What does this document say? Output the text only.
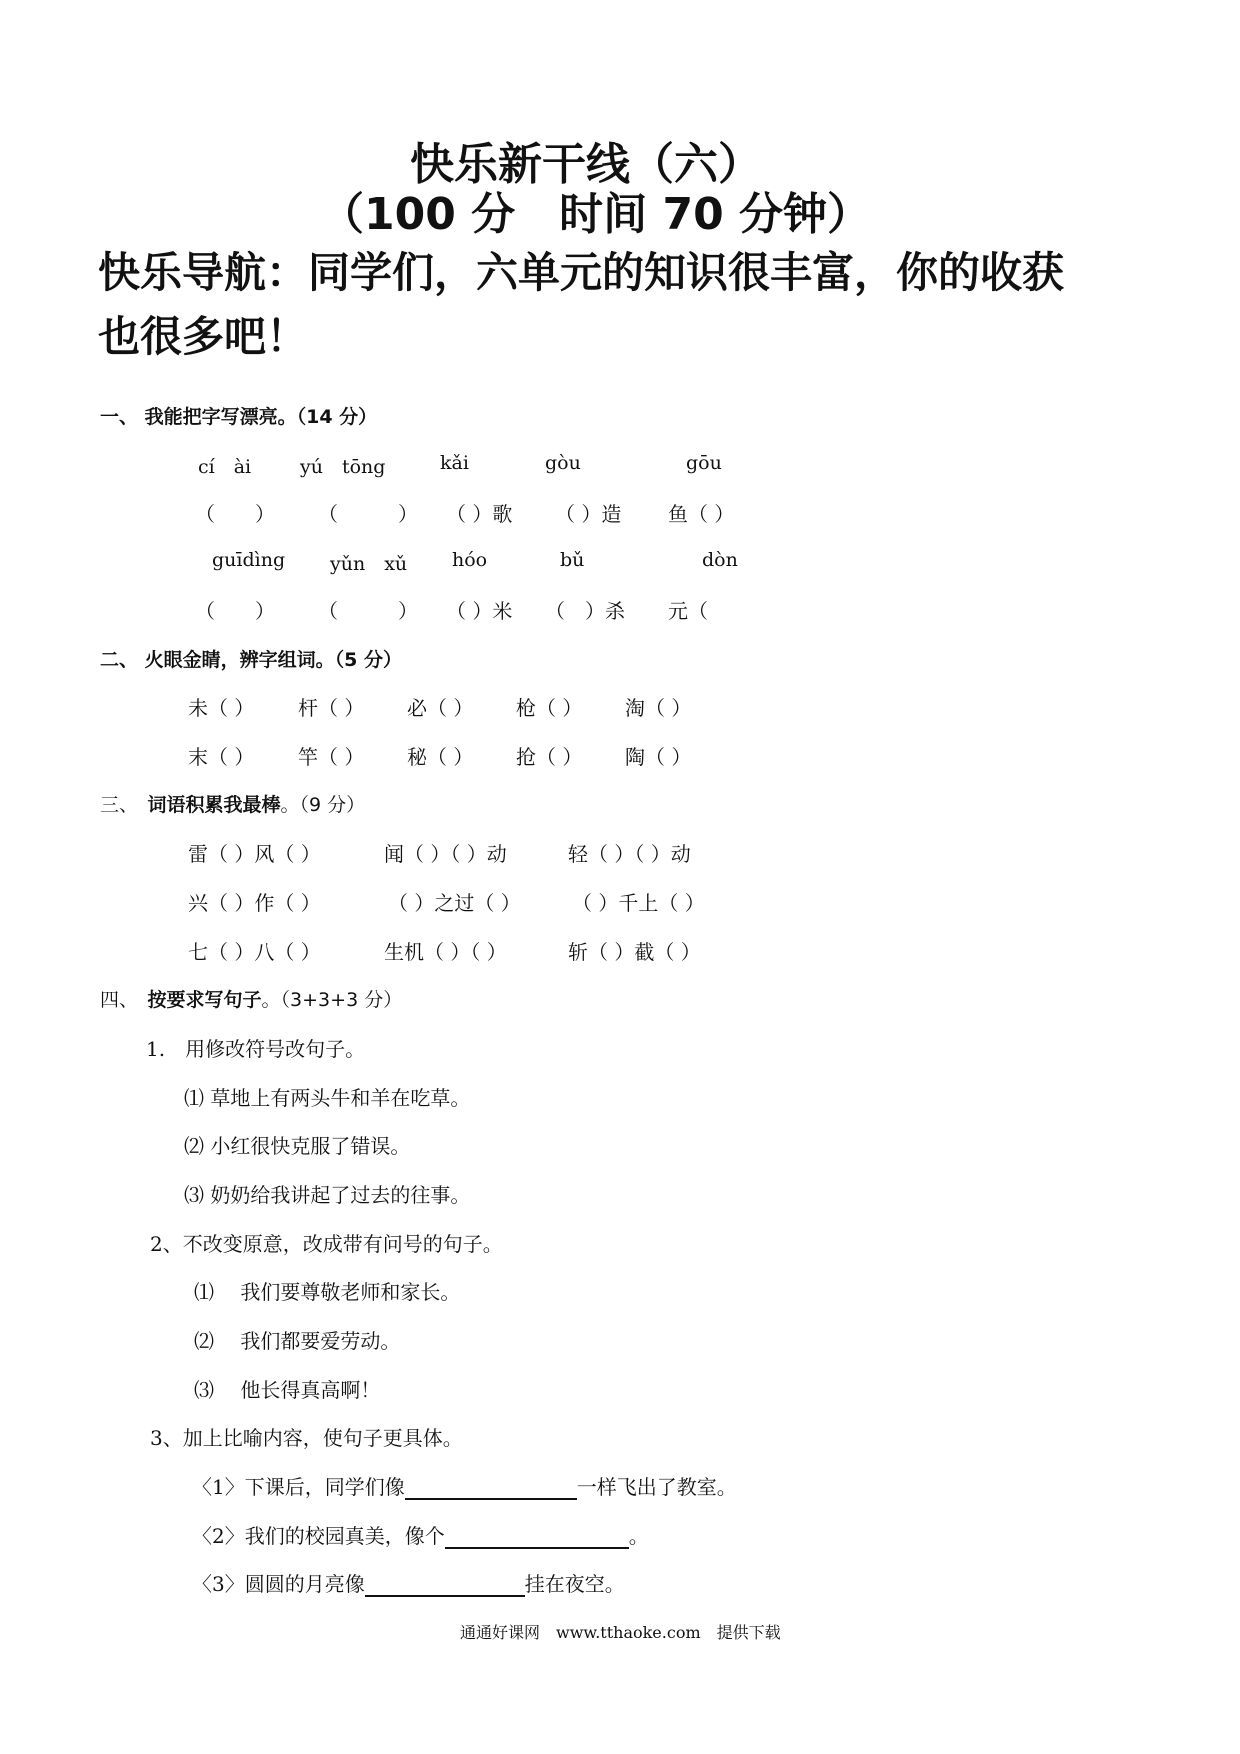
快乐新干线（六）
（100 分　时间 70 分钟）
快乐导航：同学们，六单元的知识很丰富，你的收获
也很多吧！
一、 我能把字写漂亮。（14 分）
cí　ài	yú　tōng	kǎi	gòu	gōu
（　　） （　　　） （ ）歌 （ ）造 鱼（ ）
guīdìng yǔn　xǔ hóo	bǔ	dòn
（　　） （　　　） （ ）米 （　）杀 元（
二、 火眼金睛，辨字组词。（5 分）
未（ ） 杆（ ） 必（ ） 枪（ ） 淘（ ）
末（ ） 竿（ ） 秘（ ） 抢（ ） 陶（ ）
三、　 词语积累我最棒。（9 分）
雷（ ）风（ ）	闻（ ）（ ）动	轻（ ）（ ）动
兴（ ）作（ ）	（ ）之过（ ）	（ ）千上（ ）
七（ ）八（ ）	生机（ ）（ ）	斩（ ）截（ ）
四、　 按要求写句子。（3+3+3 分）
1.　用修改符号改句子。
⑴ 草地上有两头牛和羊在吃草。
⑵ 小红很快克服了错误。
⑶ 奶奶给我讲起了过去的往事。
2、不改变原意，改成带有问号的句子。
⑴　 我们要尊敬老师和家长。
⑵　 我们都要爱劳动。
⑶　 他长得真高啊！
3、加上比喻内容，使句子更具体。
〈1〉下课后，同学们像	一样飞出了教室。
〈2〉我们的校园真美，像个	。
〈3〉圆圆的月亮像	挂在夜空。
通通好课网　www.tthaoke.com　提供下载
